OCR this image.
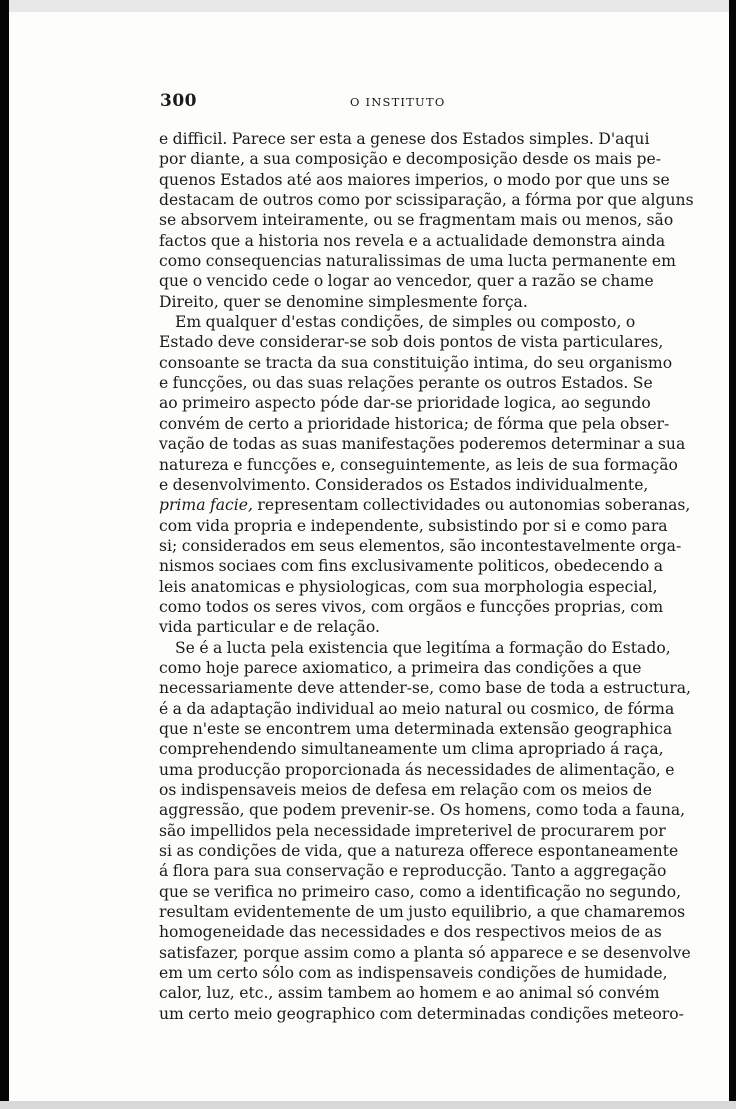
300	O INSTITUTO
e difficil. Parece ser esta a genese dos Estados simples. D'aqui
por diante, a sua composição e decomposição desde os mais pe-
quenos Estados até aos maiores imperios, o modo por que uns se
destacam de outros como por scissiparação, a fórma por que alguns
se absorvem inteiramente, ou se fragmentam mais ou menos, são
factos que a historia nos revela e a actualidade demonstra ainda
como consequencias naturalissimas de uma lucta permanente em
que o vencido cede o logar ao vencedor, quer a razão se chame
Direito, quer se denomine simplesmente força.
Em qualquer d'estas condições, de simples ou composto, o
Estado deve considerar-se sob dois pontos de vista particulares,
consoante se tracta da sua constituição intima, do seu organismo
e funcções, ou das suas relações perante os outros Estados. Se
ao primeiro aspecto póde dar-se prioridade logica, ao segundo
convém de certo a prioridade historica; de fórma que pela obser-
vação de todas as suas manifestações poderemos determinar a sua
natureza e funcções e, conseguintemente, as leis de sua formação
e desenvolvimento. Considerados os Estados individualmente,
prima facie, representam collectividades ou autonomias soberanas,
com vida propria e independente, subsistindo por si e como para
si; considerados em seus elementos, são incontestavelmente orga-
nismos sociaes com fins exclusivamente politicos, obedecendo a
leis anatomicas e physiologicas, com sua morphologia especial,
como todos os seres vivos, com orgãos e funcções proprias, com
vida particular e de relação.
Se é a lucta pela existencia que legitíma a formação do Estado,
como hoje parece axiomatico, a primeira das condições a que
necessariamente deve attender-se, como base de toda a estructura,
é a da adaptação individual ao meio natural ou cosmico, de fórma
que n'este se encontrem uma determinada extensão geographica
comprehendendo simultaneamente um clima apropriado á raça,
uma producção proporcionada ás necessidades de alimentação, e
os indispensaveis meios de defesa em relação com os meios de
aggressão, que podem prevenir-se. Os homens, como toda a fauna,
são impellidos pela necessidade impreterivel de procurarem por
si as condições de vida, que a natureza offerece espontaneamente
á flora para sua conservação e reproducção. Tanto a aggregação
que se verifica no primeiro caso, como a identificação no segundo,
resultam evidentemente de um justo equilibrio, a que chamaremos
homogeneidade das necessidades e dos respectivos meios de as
satisfazer, porque assim como a planta só apparece e se desenvolve
em um certo sólo com as indispensaveis condições de humidade,
calor, luz, etc., assim tambem ao homem e ao animal só convém
um certo meio geographico com determinadas condições meteoro-
